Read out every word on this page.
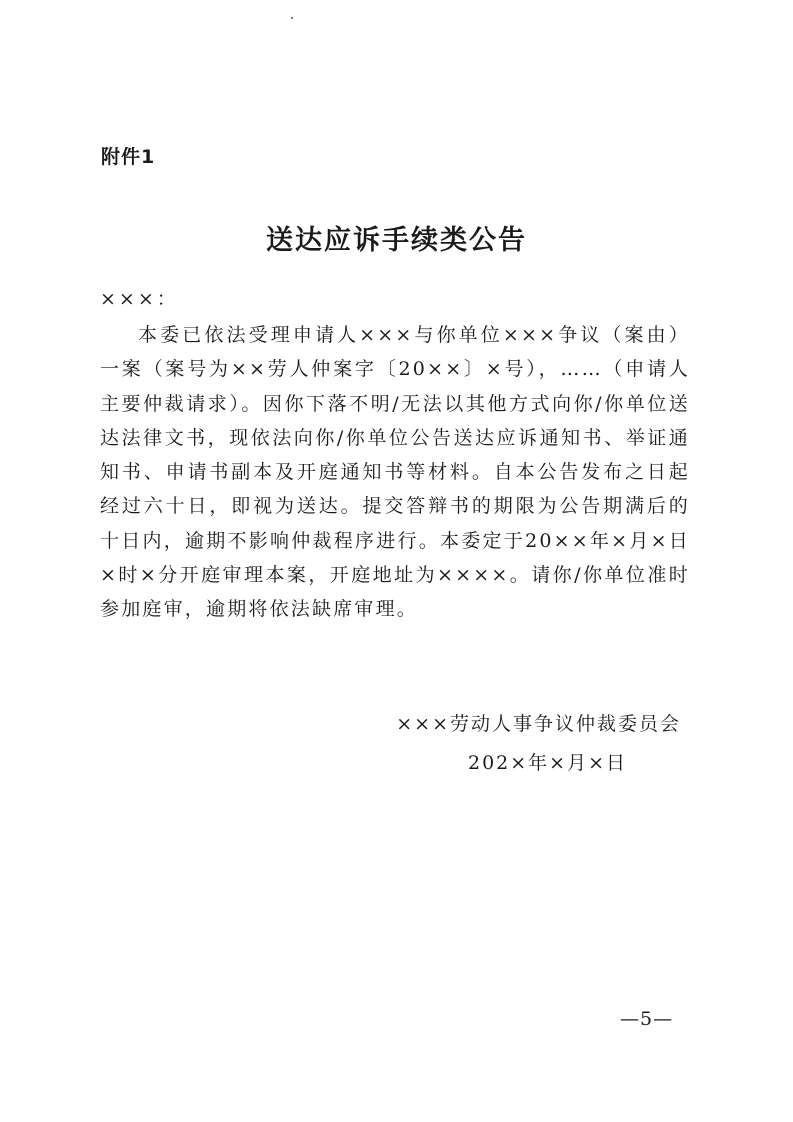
附件1
送达应诉手续类公告
×××：

本委已依法受理申请人×××与你单位×××争议（案由）一案（案号为××劳人仲案字〔20××〕×号），……（申请人主要仲裁请求）。因你下落不明/无法以其他方式向你/你单位送达法律文书，现依法向你/你单位公告送达应诉通知书、举证通知书、申请书副本及开庭通知书等材料。自本公告发布之日起经过六十日，即视为送达。提交答辩书的期限为公告期满后的十日内，逾期不影响仲裁程序进行。本委定于20××年×月×日×时×分开庭审理本案，开庭地址为××××。请你/你单位准时参加庭审，逾期将依法缺席审理。

×××劳动人事争议仲裁委员会
202×年×月×日
—5—
